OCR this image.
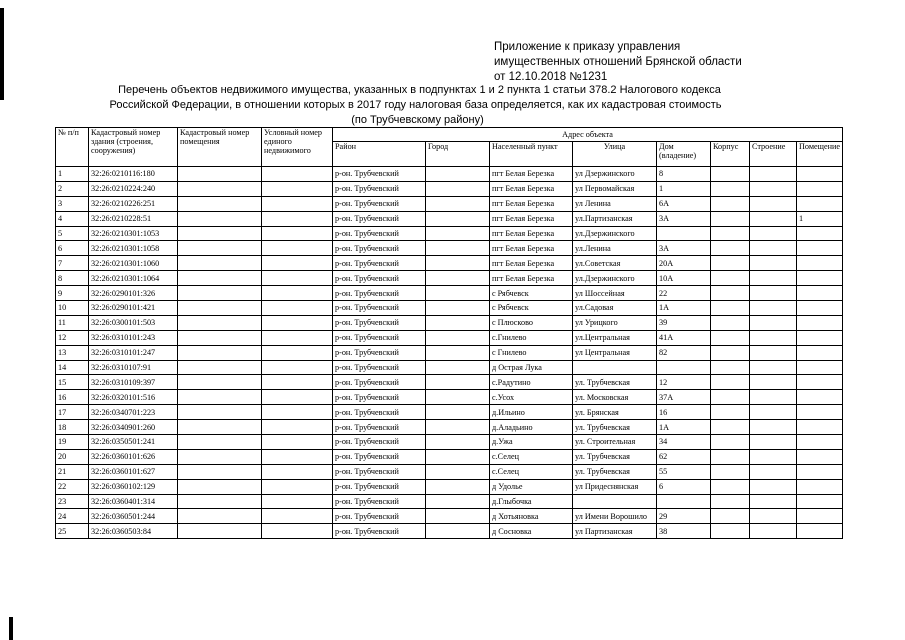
Приложение к приказу управления
имущественных отношений Брянской области
от 12.10.2018 №1231
Перечень объектов недвижимого имущества, указанных в подпунктах 1 и 2 пункта 1 статьи 378.2 Налогового кодекса
Российской Федерации, в отношении которых в 2017 году налоговая база определяется, как их кадастровая стоимость
(по Трубчевскому району)
№ п/п	Кадастровый номер здания (строения, сооружения)	Кадастровый номер помещения	Условный номер единого недвижимого	Адрес объекта							
				Район	Город	Населенный пункт	Улица	Дом (владение)	Корпус	Строение	Помещение
1	32:26:0210116:180			р-он. Трубчевский		пгт Белая Березка	ул Дзержинского	8			
2	32:26:0210224:240			р-он. Трубчевский		пгт Белая Березка	ул Первомайская	1			
3	32:26:0210226:251			р-он. Трубчевский		пгт Белая Березка	ул Ленина	6А			
4	32:26:0210228:51			р-он. Трубчевский		пгт Белая Березка	ул.Партизанская	3А			1
5	32:26:0210301:1053			р-он. Трубчевский		пгт Белая Березка	ул.Дзержинского				
6	32:26:0210301:1058			р-он. Трубчевский		пгт Белая Березка	ул.Ленина	3А			
7	32:26:0210301:1060			р-он. Трубчевский		пгт Белая Березка	ул.Советская	20А			
8	32:26:0210301:1064			р-он. Трубчевский		пгт Белая Березка	ул.Дзержинского	10А			
9	32:26:0290101:326			р-он. Трубчевский		с Рябчевск	ул Шоссейная	22			
10	32:26:0290101:421			р-он. Трубчевский		с Рябчевск	ул.Садовая	1А			
11	32:26:0300101:503			р-он. Трубчевский		с Плюсково	ул Урицкого	39			
12	32:26:0310101:243			р-он. Трубчевский		с.Гнилево	ул.Центральная	41А			
13	32:26:0310101:247			р-он. Трубчевский		с Гнилево	ул Центральная	82			
14	32:26:0310107:91			р-он. Трубчевский		д Острая Лука					
15	32:26:0310109:397			р-он. Трубчевский		с.Радутино	ул. Трубчевская	12			
16	32:26:0320101:516			р-он. Трубчевский		с.Усох	ул. Московская	37А			
17	32:26:0340701:223			р-он. Трубчевский		д.Ильино	ул. Брянская	16			
18	32:26:0340901:260			р-он. Трубчевский		д.Аладьино	ул. Трубчевская	1А			
19	32:26:0350501:241			р-он. Трубчевский		д.Ужа	ул. Строительная	34			
20	32:26:0360101:626			р-он. Трубчевский		с.Селец	ул. Трубчевская	62			
21	32:26:0360101:627			р-он. Трубчевский		с.Селец	ул. Трубчевская	55			
22	32:26:0360102:129			р-он. Трубчевский		д Удолье	ул Придеснянская	6			
23	32:26:0360401:314			р-он. Трубчевский		д.Глыбочка					
24	32:26:0360501:244			р-он. Трубчевский		д Хотьяновка	ул Имени Ворошило	29			
25	32:26:0360503:84			р-он. Трубчевский		д Сосновка	ул Партизанская	38			
